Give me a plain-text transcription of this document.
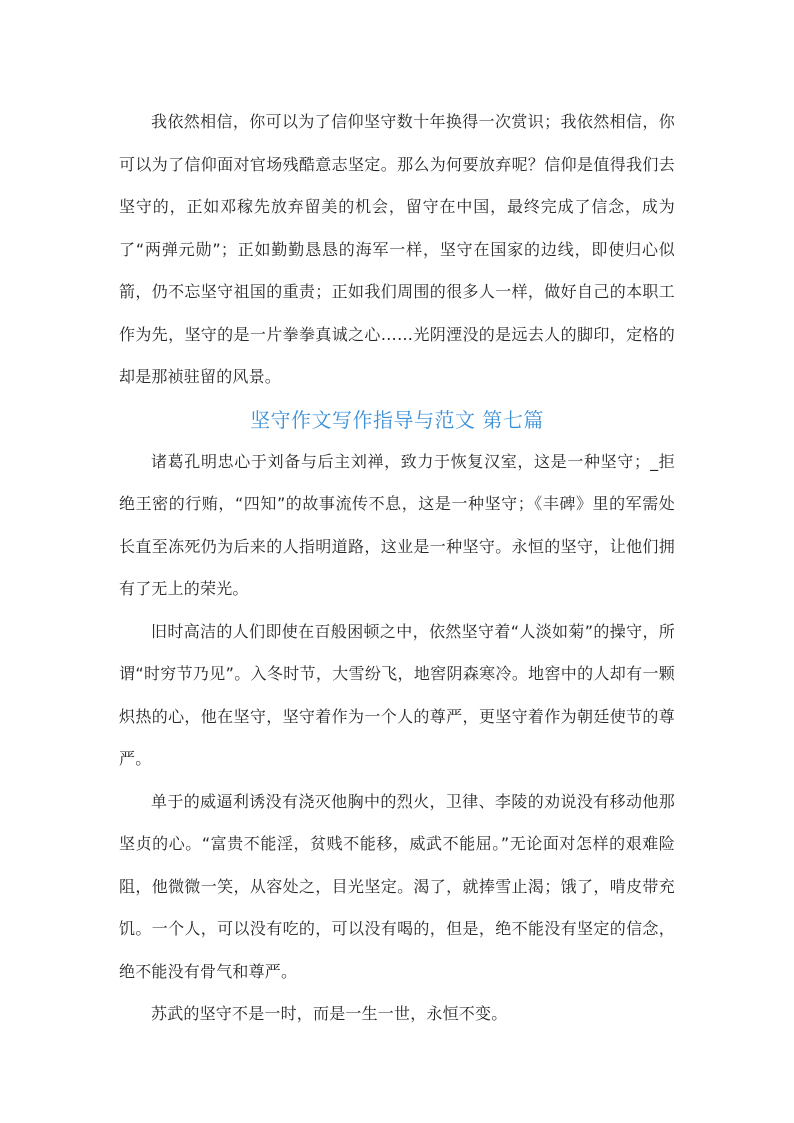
我依然相信，你可以为了信仰坚守数十年换得一次赏识；我依然相信，你可以为了信仰面对官场残酷意志坚定。那么为何要放弃呢？信仰是值得我们去坚守的，正如邓稼先放弃留美的机会，留守在中国，最终完成了信念，成为了“两弹元勋”；正如勤勤恳恳的海军一样，坚守在国家的边线，即使归心似箭，仍不忘坚守祖国的重责；正如我们周围的很多人一样，做好自己的本职工作为先，坚守的是一片拳拳真诚之心……光阴湮没的是远去人的脚印，定格的却是那祯驻留的风景。

坚守作文写作指导与范文 第七篇

诸葛孔明忠心于刘备与后主刘禅，致力于恢复汉室，这是一种坚守；_拒绝王密的行贿，“四知”的故事流传不息，这是一种坚守；《丰碑》里的军需处长直至冻死仍为后来的人指明道路，这业是一种坚守。永恒的坚守，让他们拥有了无上的荣光。

旧时高洁的人们即使在百般困顿之中，依然坚守着“人淡如菊”的操守，所谓“时穷节乃见”。入冬时节，大雪纷飞，地窖阴森寒冷。地窖中的人却有一颗炽热的心，他在坚守，坚守着作为一个人的尊严，更坚守着作为朝廷使节的尊严。

单于的威逼利诱没有浇灭他胸中的烈火，卫律、李陵的劝说没有移动他那坚贞的心。“富贵不能淫，贫贱不能移，威武不能屈。”无论面对怎样的艰难险阻，他微微一笑，从容处之，目光坚定。渴了，就捧雪止渴；饿了，啃皮带充饥。一个人，可以没有吃的，可以没有喝的，但是，绝不能没有坚定的信念，绝不能没有骨气和尊严。

苏武的坚守不是一时，而是一生一世，永恒不变。
